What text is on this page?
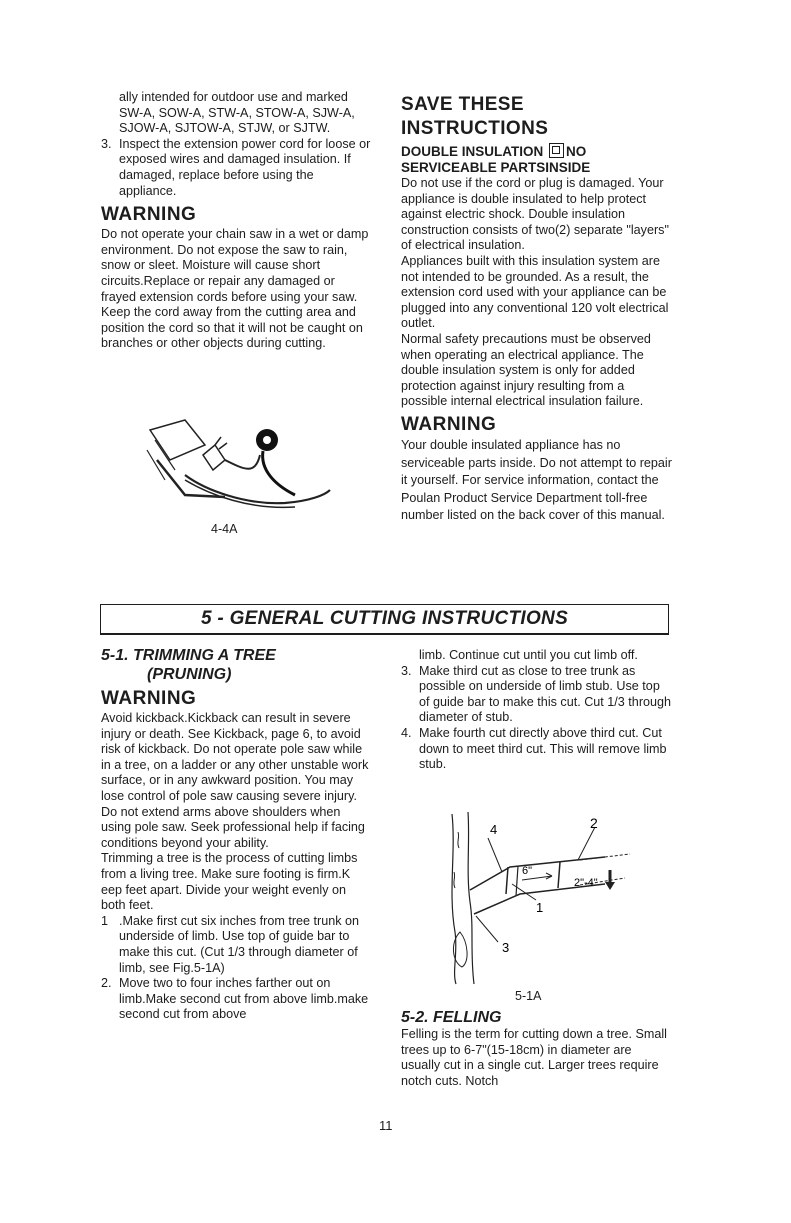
ally intended for outdoor use and marked SW-A, SOW-A, STW-A, STOW-A, SJW-A, SJOW-A, SJTOW-A, STJW, or SJTW.

3. Inspect the extension power cord for loose or exposed wires and damaged insulation. If damaged, replace before using the appliance.

WARNING

Do not operate your chain saw in a wet or damp environment. Do not expose the saw to rain, snow or sleet. Moisture will cause short circuits.Replace or repair any damaged or frayed extension cords before using your saw. Keep the cord away from the cutting area and position the cord so that it will not be caught on branches or other objects during cutting.

4-4A

SAVE THESE

INSTRUCTIONS

DOUBLE INSULATION NO

SERVICEABLE PARTSINSIDE

Do not use if the cord or plug is damaged. Your appliance is double insulated to help protect against electric shock. Double insulation construction consists of two(2) separate "layers" of electrical insulation.

Appliances built with this insulation system are not intended to be grounded. As a result, the extension cord used with your appliance can be plugged into any conventional 120 volt electrical outlet.

Normal safety precautions must be observed when operating an electrical appliance. The double insulation system is only for added protection against injury resulting from a possible internal electrical insulation failure.

WARNING

Your double insulated appliance has no serviceable parts inside. Do not attempt to repair it yourself. For service information, contact the Poulan Product Service Department toll-free number listed on the back cover of this manual.

5 - GENERAL CUTTING INSTRUCTIONS

5-1. TRIMMING A TREE

(PRUNING)

WARNING

Avoid kickback.Kickback can result in severe injury or death. See Kickback, page 6, to avoid risk of kickback. Do not operate pole saw while in a tree, on a ladder or any other unstable work surface, or in any awkward position. You may lose control of pole saw causing severe injury. Do not extend arms above shoulders when using pole saw. Seek professional help if facing conditions beyond your ability.

Trimming a tree is the process of cutting limbs from a living tree. Make sure footing is firm.K eep feet apart. Divide your weight evenly on both feet.

1 .Make first cut six inches from tree trunk on underside of limb. Use top of guide bar to make this cut. (Cut 1/3 through diameter of limb, see Fig.5-1A)
2. Move two to four inches farther out on limb.Make second cut from above limb.make second cut from above

limb. Continue cut until you cut limb off.

3. Make third cut as close to tree trunk as possible on underside of limb stub. Use top of guide bar to make this cut. Cut 1/3 through diameter of stub.
4. Make fourth cut directly above third cut. Cut down to meet third cut. This will remove limb stub.
4	2
6"
2"-4"
1
3
5-1A

5-2. FELLING

Felling is the term for cutting down a tree. Small trees up to 6-7"(15-18cm) in diameter are usually cut in a single cut. Larger trees require notch cuts. Notch

11
